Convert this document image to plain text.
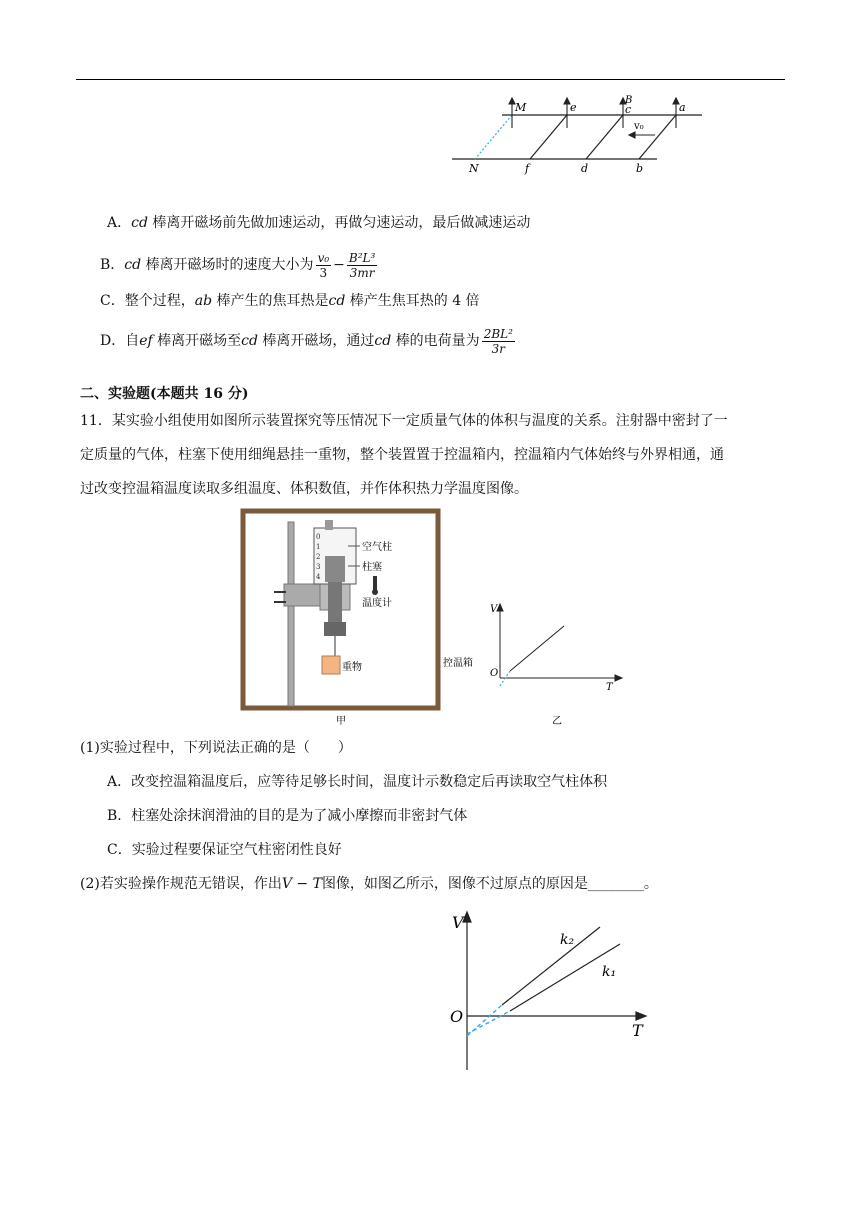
M	e
B
c	a
v₀
N	f	d	b
A．cd 棒离开磁场前先做加速运动，再做匀速运动，最后做减速运动
B．cd 棒离开磁场时的速度大小为 $\frac{\text{v₀}}{3} - \frac{\text{B²L³}}{3mr}$
C．整个过程，ab 棒产生的焦耳热是cd 棒产生焦耳热的 4 倍
D．自ef 棒离开磁场至cd 棒离开磁场，通过cd 棒的电荷量为 $\frac{\text{2BL²}}{3r}$
二、实验题(本题共 16 分)
11．某实验小组使用如图所示装置探究等压情况下一定质量气体的体积与温度的关系。注射器中密封了一
定质量的气体，柱塞下使用细绳悬挂一重物，整个装置置于控温箱内，控温箱内气体始终与外界相通，通
过改变控温箱温度读取多组温度、体积数值，并作体积热力学温度图像。
0
1
2
3
4
空气柱
柱塞
温度计
重物	控温箱
甲
V
O
T
乙
(1)实验过程中，下列说法正确的是（　　）
A．改变控温箱温度后，应等待足够长时间，温度计示数稳定后再读取空气柱体积
B．柱塞处涂抹润滑油的目的是为了减小摩擦而非密封气体
C．实验过程要保证空气柱密闭性良好
(2)若实验操作规范无错误，作出V − T图像，如图乙所示，图像不过原点的原因是________。
V
O
T
k₂
k₁
